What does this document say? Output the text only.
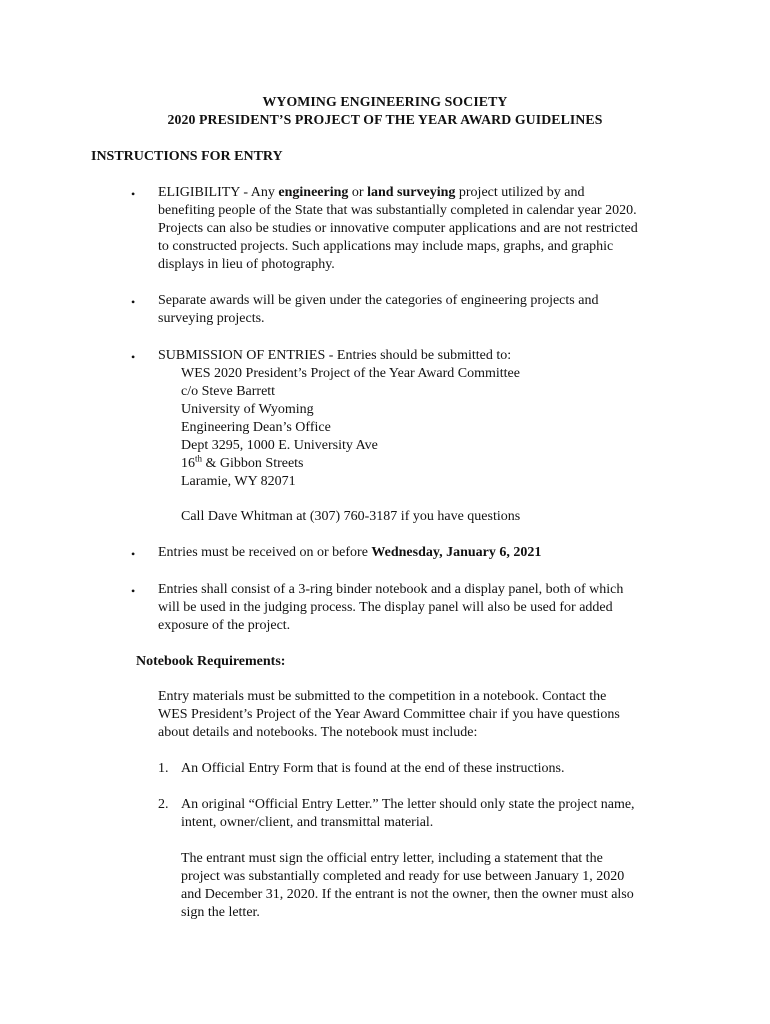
WYOMING ENGINEERING SOCIETY
2020 PRESIDENT’S PROJECT OF THE YEAR AWARD GUIDELINES
INSTRUCTIONS FOR ENTRY
• ELIGIBILITY - Any engineering or land surveying project utilized by and
benefiting people of the State that was substantially completed in calendar year 2020.
Projects can also be studies or innovative computer applications and are not restricted
to constructed projects. Such applications may include maps, graphs, and graphic
displays in lieu of photography.
• Separate awards will be given under the categories of engineering projects and
surveying projects.
• SUBMISSION OF ENTRIES - Entries should be submitted to:
WES 2020 President’s Project of the Year Award Committee
c/o Steve Barrett
University of Wyoming
Engineering Dean’s Office
Dept 3295, 1000 E. University Ave
16th & Gibbon Streets
Laramie, WY 82071
Call Dave Whitman at (307) 760-3187 if you have questions
• Entries must be received on or before Wednesday, January 6, 2021
• Entries shall consist of a 3-ring binder notebook and a display panel, both of which
will be used in the judging process. The display panel will also be used for added
exposure of the project.
Notebook Requirements:
Entry materials must be submitted to the competition in a notebook. Contact the
WES President’s Project of the Year Award Committee chair if you have questions
about details and notebooks. The notebook must include:
1. An Official Entry Form that is found at the end of these instructions.
2. An original “Official Entry Letter.” The letter should only state the project name,
intent, owner/client, and transmittal material.
The entrant must sign the official entry letter, including a statement that the
project was substantially completed and ready for use between January 1, 2020
and December 31, 2020. If the entrant is not the owner, then the owner must also
sign the letter.
